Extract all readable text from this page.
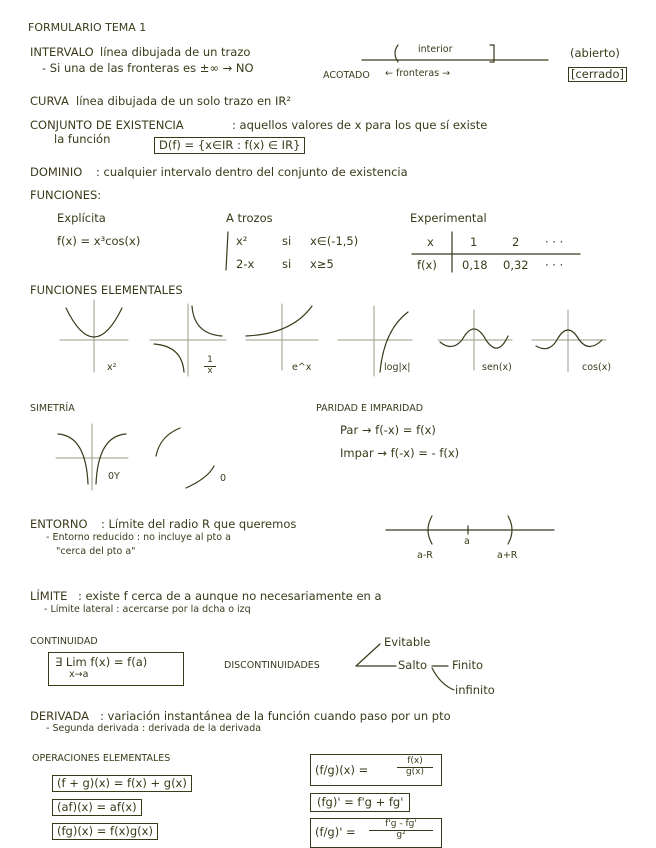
FORMULARIO TEMA 1
INTERVALO línea dibujada de un trazo
- Si una de las fronteras es ±∞ → NO
ACOTADO
interior
← fronteras →
(abierto)
[cerrado]
CURVA línea dibujada de un solo trazo en IR²
CONJUNTO DE EXISTENCIA	: aquellos valores de x para los que sí existe
la función	D(f) = {x∈IR : f(x) ∈ IR}
DOMINIO : cualquier intervalo dentro del conjunto de existencia
FUNCIONES:
Explícita
f(x) = x³cos(x)
A trozos
x²	si x∈(-1,5)
2-x si x≥5
Experimental
x	1	2 · · ·
f(x) 0,18 0,32 · · ·
FUNCIONES ELEMENTALES
x²	$\frac{1}{x}$	e^x	log|x|	sen(x)	cos(x)
SIMETRÍA
0Y	0
PARIDAD E IMPARIDAD
Par → f(-x) = f(x)
Impar → f(-x) = - f(x)
ENTORNO : Límite del radio R que queremos
- Entorno reducido : no incluye al pto a
"cerca del pto a"
a
a-R	a+R
LÍMITE : existe f cerca de a aunque no necesariamente en a
- Límite lateral : acercarse por la dcha o izq
CONTINUIDAD
∃ Lim f(x) = f(a)
x→a
DISCONTINUIDADES
Evitable
Salto Finito
infinito
DERIVADA : variación instantánea de la función cuando paso por un pto
- Segunda derivada : derivada de la derivada
OPERACIONES ELEMENTALES
(f + g)(x) = f(x) + g(x)
(af)(x) = af(x)
(fg)(x) = f(x)g(x)
(f/g)(x) =	$\frac{f(x)}{g(x)}$
(fg)' = f'g + fg'
$(f/g)' = \frac{f'g - fg'}{\text{g²}}$
